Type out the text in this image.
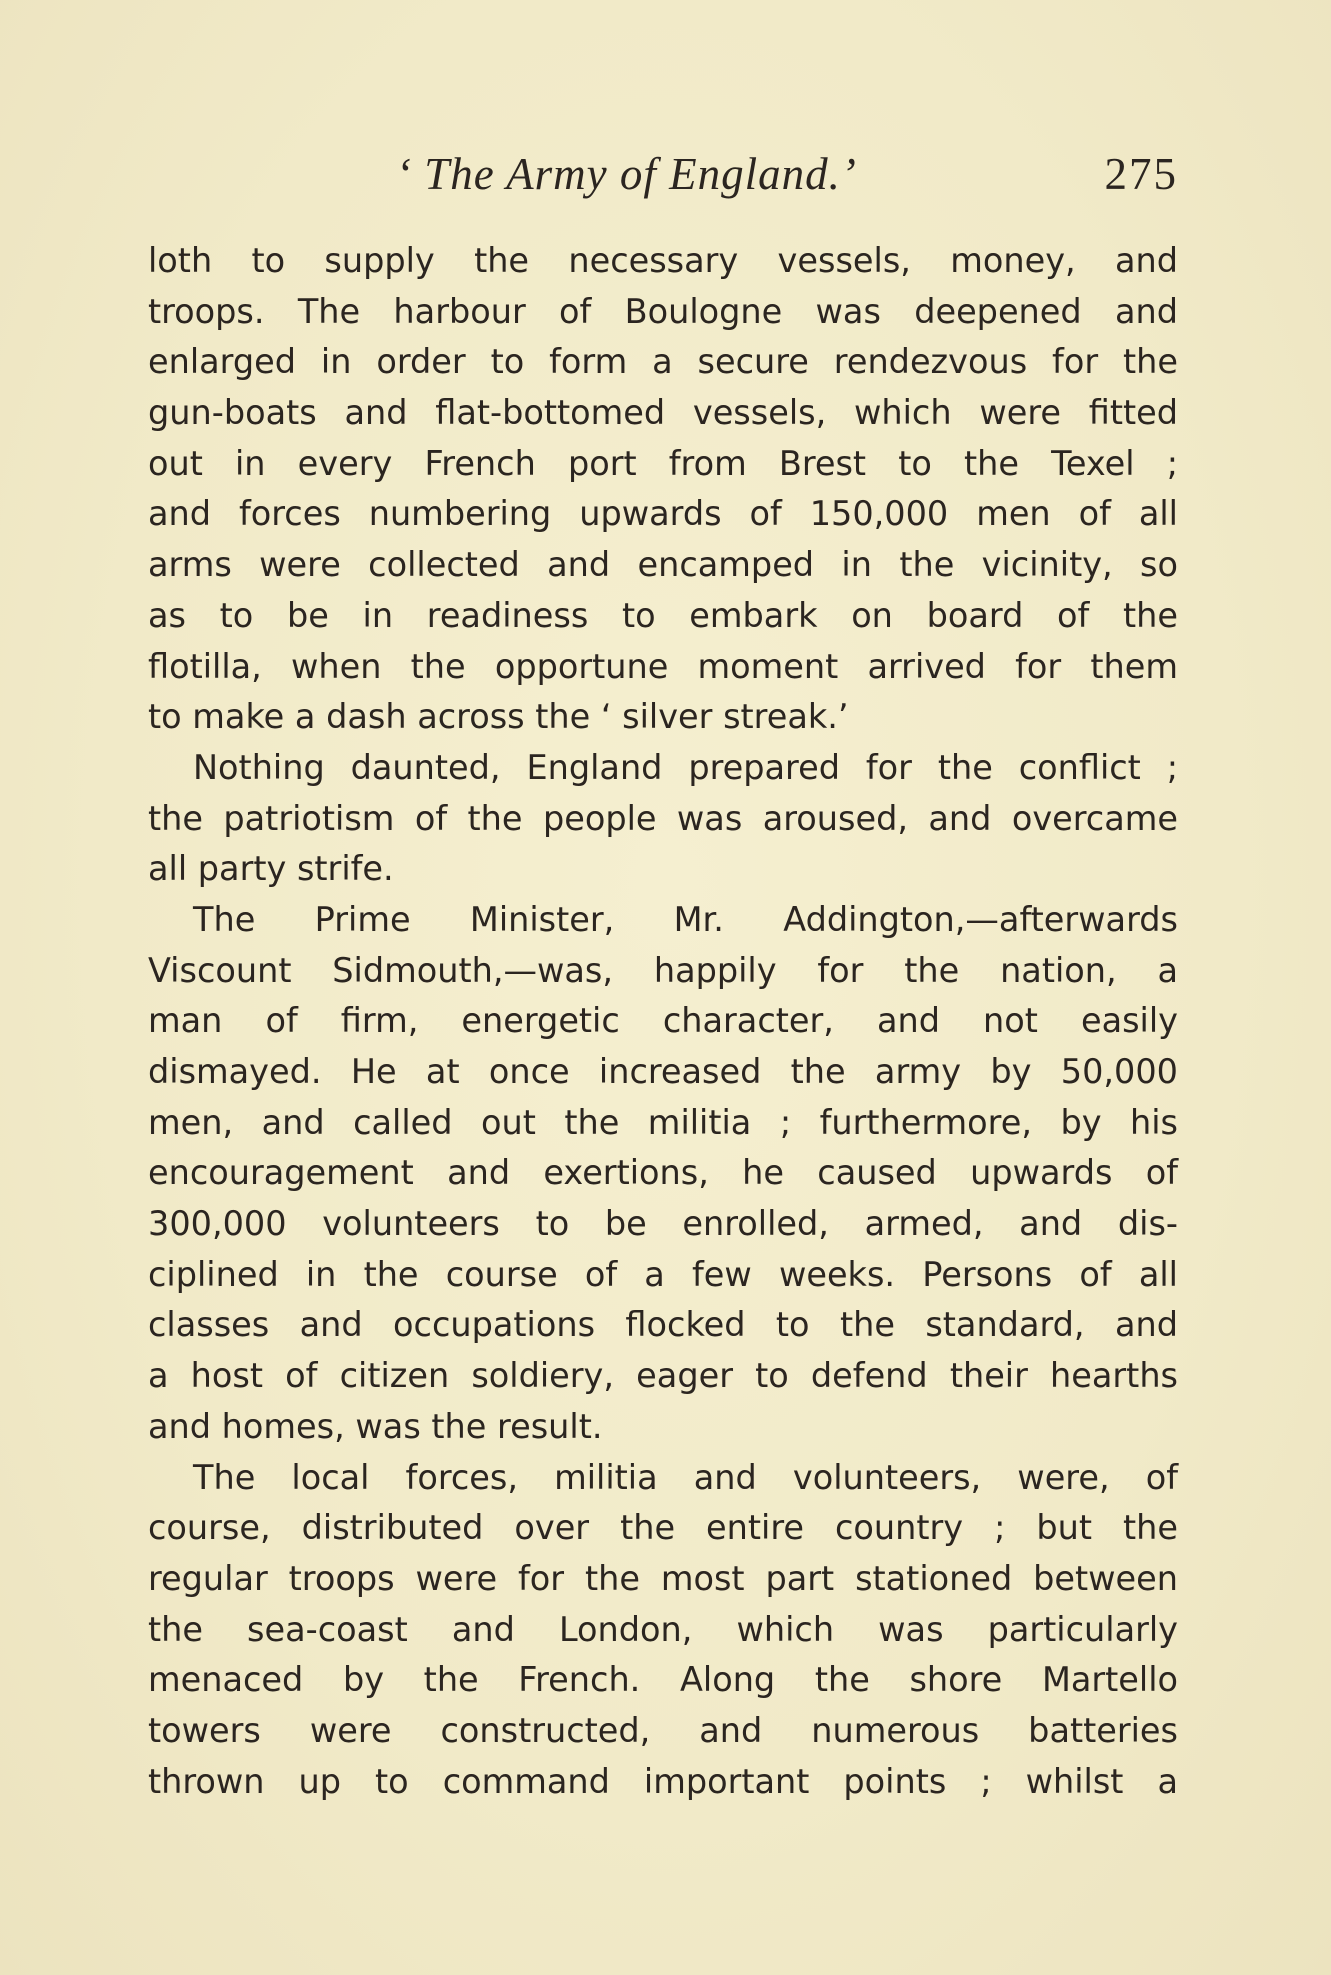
‘ The Army of England.’	275
loth to supply the necessary vessels, money, and
troops. The harbour of Boulogne was deepened and
enlarged in order to form a secure rendezvous for the
gun-boats and flat-bottomed vessels, which were fitted
out in every French port from Brest to the Texel ;
and forces numbering upwards of 150,000 men of all
arms were collected and encamped in the vicinity, so
as to be in readiness to embark on board of the
flotilla, when the opportune moment arrived for them
to make a dash across the ‘ silver streak.’
Nothing daunted, England prepared for the conflict ;
the patriotism of the people was aroused, and overcame
all party strife.
The Prime Minister, Mr. Addington,—afterwards
Viscount Sidmouth,—was, happily for the nation, a
man of firm, energetic character, and not easily
dismayed. He at once increased the army by 50,000
men, and called out the militia ; furthermore, by his
encouragement and exertions, he caused upwards of
300,000 volunteers to be enrolled, armed, and dis-
ciplined in the course of a few weeks. Persons of all
classes and occupations flocked to the standard, and
a host of citizen soldiery, eager to defend their hearths
and homes, was the result.
The local forces, militia and volunteers, were, of
course, distributed over the entire country ; but the
regular troops were for the most part stationed between
the sea-coast and London, which was particularly
menaced by the French. Along the shore Martello
towers were constructed, and numerous batteries
thrown up to command important points ; whilst a
